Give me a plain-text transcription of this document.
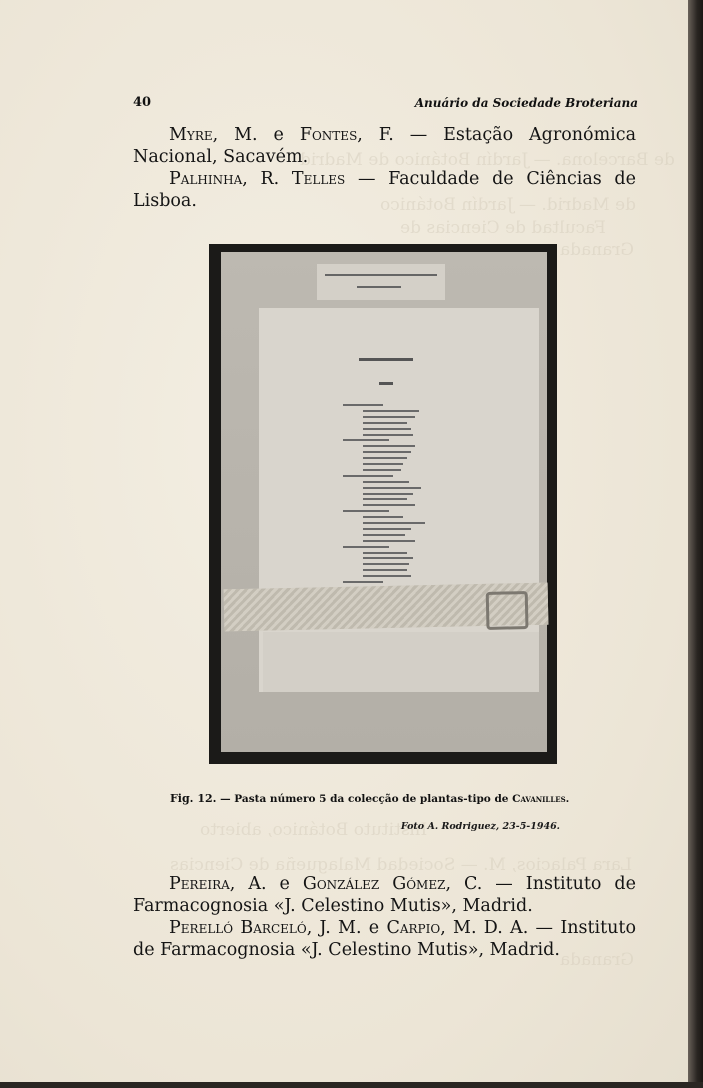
de Barcelona. — Jardín Botánico de Madrid
de Madrid. — Jardín Botánico
Facultad de Ciencias de
Granada
Instituto Botánico, abierto
Lara Palacios, M. — Sociedad Malagueña de Ciencias
Granada
40	Anuário da Sociedade Broteriana
Myre, M. e Fontes, F. — Estação Agronómica Nacional, Sacavém.
Palhinha, R. Telles — Faculdade de Ciências de Lisboa.
Fig. 12. — Pasta número 5 da colecção de plantas-tipo de Cavanilles.
Foto A. Rodriguez, 23-5-1946.
Pereira, A. e González Gómez, C. — Instituto de Farmacognosia «J. Celestino Mutis», Madrid.
Perelló Barceló, J. M. e Carpio, M. D. A. — Instituto de Farmacognosia «J. Celestino Mutis», Madrid.
